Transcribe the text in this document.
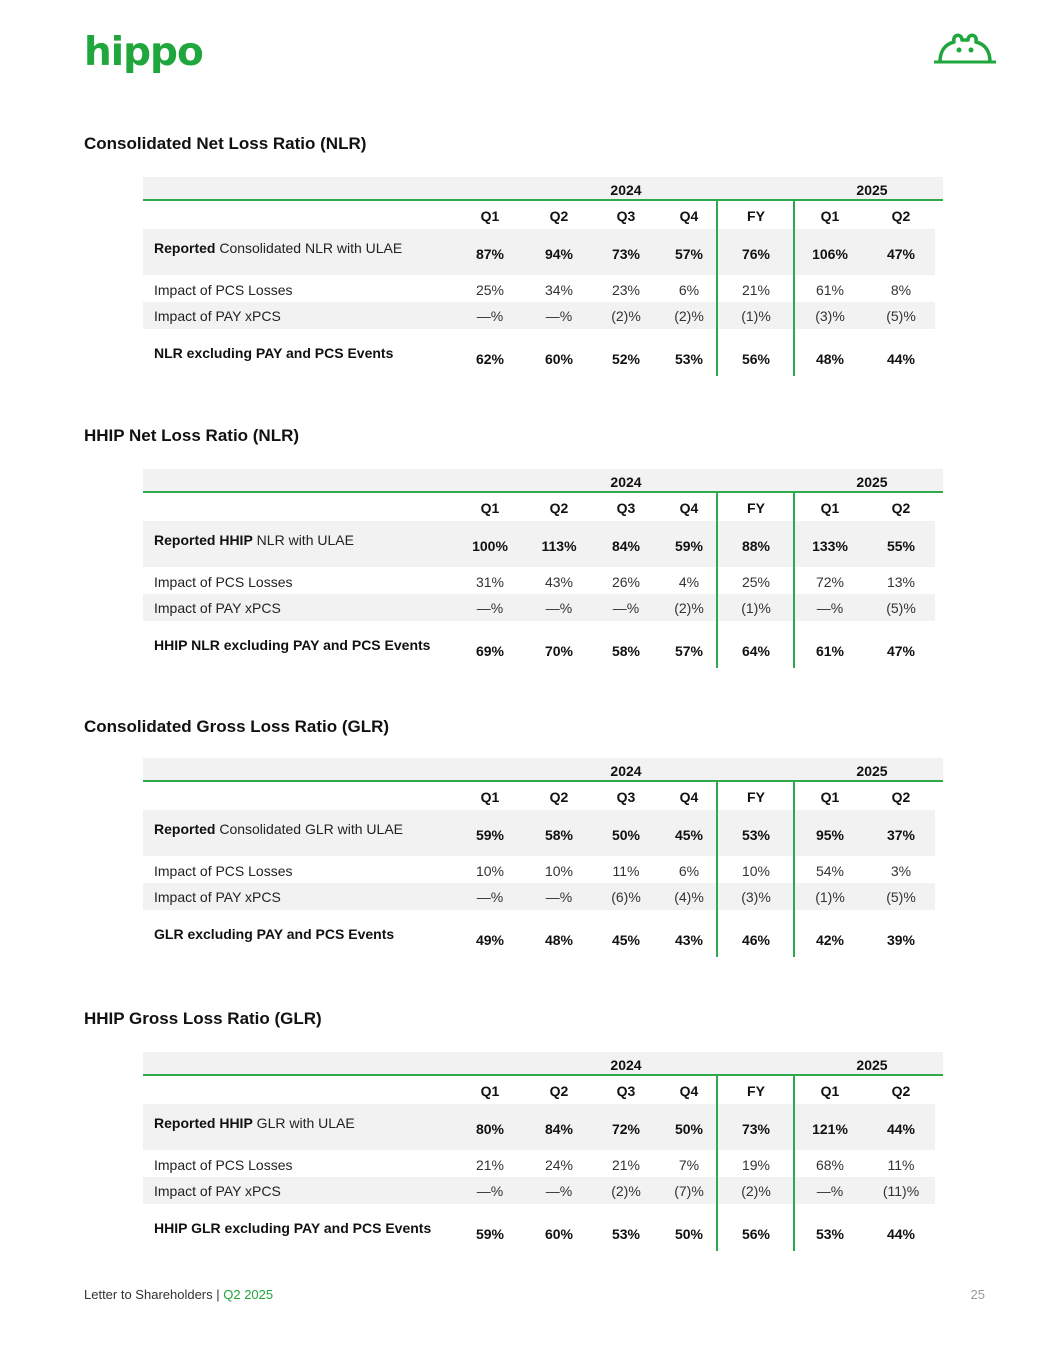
hippo
Consolidated Net Loss Ratio (NLR)
2024	2025
Q1	Q2	Q3	Q4	FY	Q1	Q2
Reported Consolidated NLR with ULAE	87%	94%	73% 57%	76%	106%	47%
Impact of PCS Losses	25%	34%	23%	6%	21%	61%	8%
Impact of PAY xPCS	—%	—%	(2)% (2)%	(1)%	(3)%	(5)%
NLR excluding PAY and PCS Events	62%	60%	52% 53%	56%	48%	44%
HHIP Net Loss Ratio (NLR)
2024	2025
Q1	Q2	Q3	Q4	FY	Q1	Q2
Reported HHIP NLR with ULAE	100% 113%	84% 59%	88%	133%	55%
Impact of PCS Losses	31%	43%	26%	4%	25%	72%	13%
Impact of PAY xPCS	—%	—%	—% (2)%	(1)%	—%	(5)%
HHIP NLR excluding PAY and PCS Events	69%	70%	58% 57%	64%	61%	47%
Consolidated Gross Loss Ratio (GLR)
2024	2025
Q1	Q2	Q3	Q4	FY	Q1	Q2
Reported Consolidated GLR with ULAE	59%	58%	50% 45%	53%	95%	37%
Impact of PCS Losses	10%	10%	11%	6%	10%	54%	3%
Impact of PAY xPCS	—%	—%	(6)% (4)%	(3)%	(1)%	(5)%
GLR excluding PAY and PCS Events	49%	48%	45% 43%	46%	42%	39%
HHIP Gross Loss Ratio (GLR)
2024	2025
Q1	Q2	Q3	Q4	FY	Q1	Q2
Reported HHIP GLR with ULAE	80%	84%	72% 50%	73%	121%	44%
Impact of PCS Losses	21%	24%	21%	7%	19%	68%	11%
Impact of PAY xPCS	—%	—%	(2)% (7)%	(2)%	—%	(11)%
HHIP GLR excluding PAY and PCS Events	59%	60%	53% 50%	56%	53%	44%
Letter to Shareholders | Q2 2025	25
